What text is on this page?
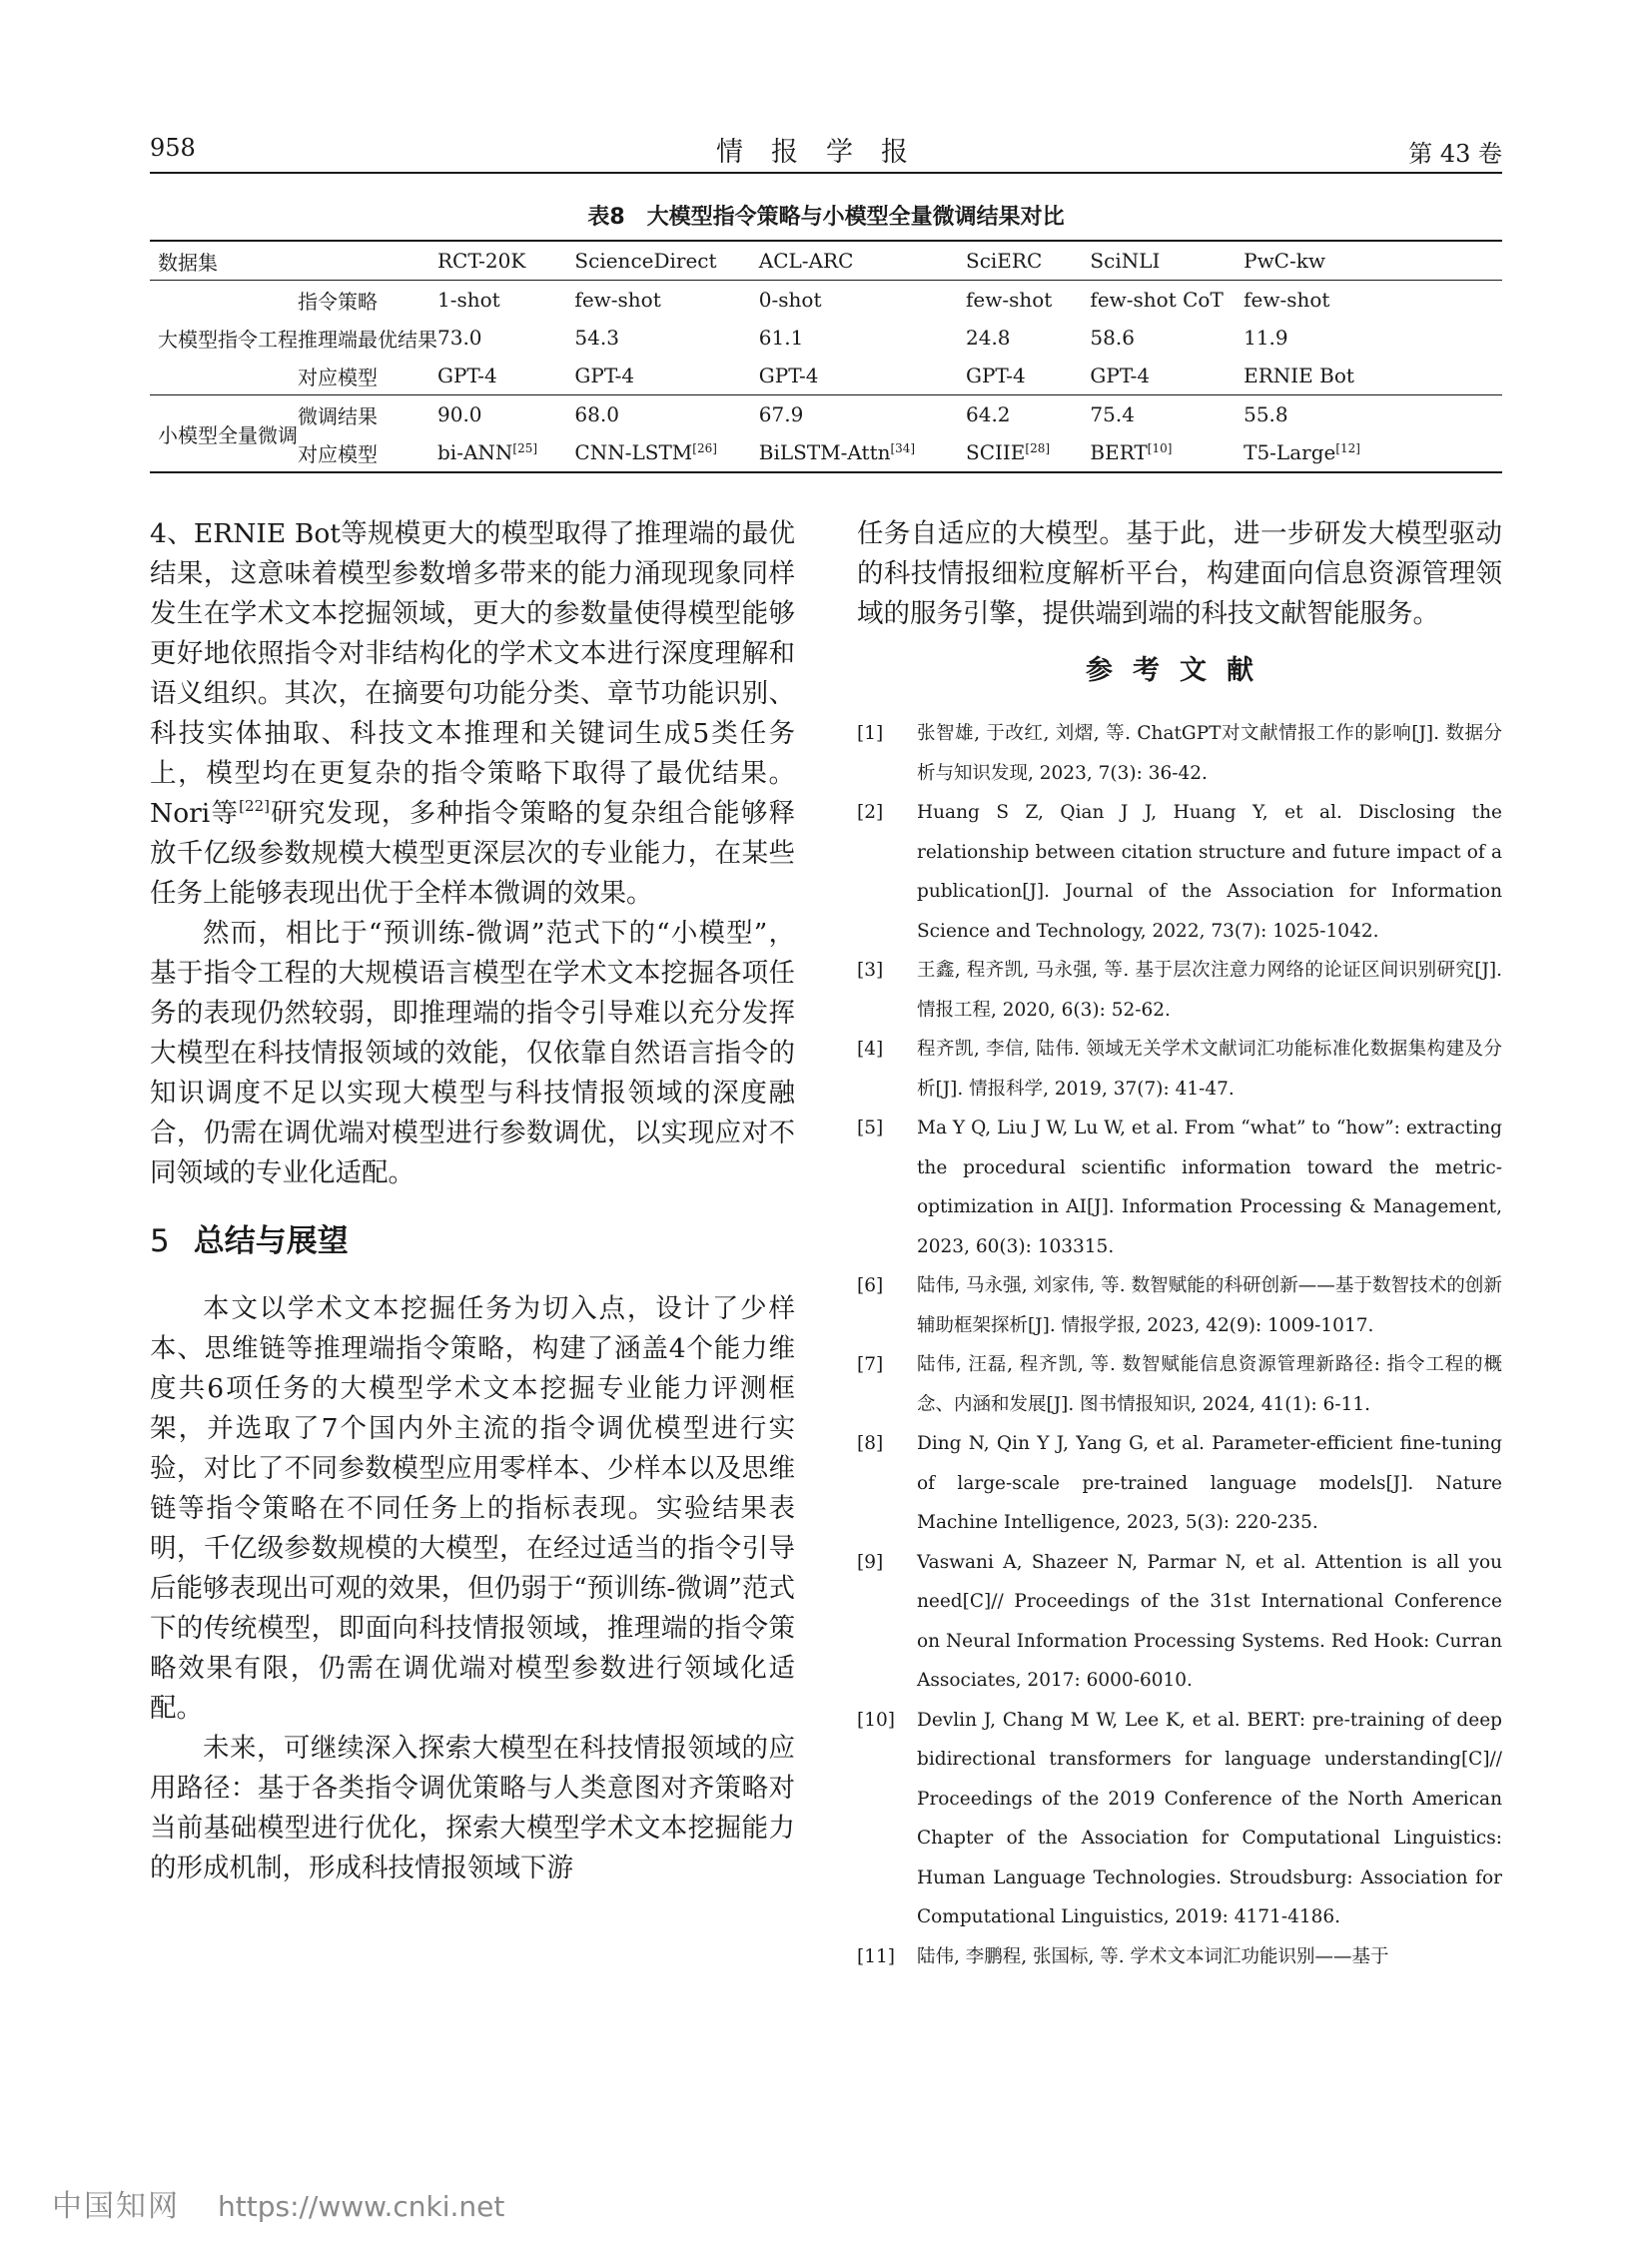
958	情报学报	第 43 卷
表8　大模型指令策略与小模型全量微调结果对比
数据集		RCT-20K	ScienceDirect	ACL-ARC	SciERC	SciNLI	PwC-kw
大模型指令工程	指令策略	1-shot	few-shot	0-shot	few-shot	few-shot CoT	few-shot
	推理端最优结果	73.0	54.3	61.1	24.8	58.6	11.9
	对应模型	GPT-4	GPT-4	GPT-4	GPT-4	GPT-4	ERNIE Bot
小模型全量微调	微调结果	90.0	68.0	67.9	64.2	75.4	55.8
	对应模型	bi-ANN[25]	CNN-LSTM[26]	BiLSTM-Attn[34]	SCIIE[28]	BERT[10]	T5-Large[12]

4、ERNIE Bot等规模更大的模型取得了推理端的最优结果，这意味着模型参数增多带来的能力涌现现象同样发生在学术文本挖掘领域，更大的参数量使得模型能够更好地依照指令对非结构化的学术文本进行深度理解和语义组织。其次，在摘要句功能分类、章节功能识别、科技实体抽取、科技文本推理和关键词生成5类任务上，模型均在更复杂的指令策略下取得了最优结果。Nori等[22]研究发现，多种指令策略的复杂组合能够释放千亿级参数规模大模型更深层次的专业能力，在某些任务上能够表现出优于全样本微调的效果。

然而，相比于“预训练-微调”范式下的“小模型”，基于指令工程的大规模语言模型在学术文本挖掘各项任务的表现仍然较弱，即推理端的指令引导难以充分发挥大模型在科技情报领域的效能，仅依靠自然语言指令的知识调度不足以实现大模型与科技情报领域的深度融合，仍需在调优端对模型进行参数调优，以实现应对不同领域的专业化适配。

5 总结与展望

本文以学术文本挖掘任务为切入点，设计了少样本、思维链等推理端指令策略，构建了涵盖4个能力维度共6项任务的大模型学术文本挖掘专业能力评测框架，并选取了7个国内外主流的指令调优模型进行实验，对比了不同参数模型应用零样本、少样本以及思维链等指令策略在不同任务上的指标表现。实验结果表明，千亿级参数规模的大模型，在经过适当的指令引导后能够表现出可观的效果，但仍弱于“预训练-微调”范式下的传统模型，即面向科技情报领域，推理端的指令策略效果有限，仍需在调优端对模型参数进行领域化适配。

未来，可继续深入探索大模型在科技情报领域的应用路径：基于各类指令调优策略与人类意图对齐策略对当前基础模型进行优化，探索大模型学术文本挖掘能力的形成机制，形成科技情报领域下游

任务自适应的大模型。基于此，进一步研发大模型驱动的科技情报细粒度解析平台，构建面向信息资源管理领域的服务引擎，提供端到端的科技文献智能服务。

参考文献
[1] 张智雄, 于改红, 刘熠, 等. ChatGPT对文献情报工作的影响[J]. 数据分析与知识发现, 2023, 7(3): 36-42.
[2] Huang S Z, Qian J J, Huang Y, et al. Disclosing the relationship between citation structure and future impact of a publication[J]. Journal of the Association for Information Science and Technology, 2022, 73(7): 1025-1042.
[3] 王鑫, 程齐凯, 马永强, 等. 基于层次注意力网络的论证区间识别研究[J]. 情报工程, 2020, 6(3): 52-62.
[4] 程齐凯, 李信, 陆伟. 领域无关学术文献词汇功能标准化数据集构建及分析[J]. 情报科学, 2019, 37(7): 41-47.
[5] Ma Y Q, Liu J W, Lu W, et al. From “what” to “how”: extracting the procedural scientific information toward the metric-optimization in AI[J]. Information Processing & Management, 2023, 60(3): 103315.
[6] 陆伟, 马永强, 刘家伟, 等. 数智赋能的科研创新——基于数智技术的创新辅助框架探析[J]. 情报学报, 2023, 42(9): 1009-1017.
[7] 陆伟, 汪磊, 程齐凯, 等. 数智赋能信息资源管理新路径: 指令工程的概念、内涵和发展[J]. 图书情报知识, 2024, 41(1): 6-11.
[8] Ding N, Qin Y J, Yang G, et al. Parameter-efficient fine-tuning of large-scale pre-trained language models[J]. Nature Machine Intelligence, 2023, 5(3): 220-235.
[9] Vaswani A, Shazeer N, Parmar N, et al. Attention is all you need[C]// Proceedings of the 31st International Conference on Neural Information Processing Systems. Red Hook: Curran Associates, 2017: 6000-6010.
[10] Devlin J, Chang M W, Lee K, et al. BERT: pre-training of deep bidirectional transformers for language understanding[C]// Proceedings of the 2019 Conference of the North American Chapter of the Association for Computational Linguistics: Human Language Technologies. Stroudsburg: Association for Computational Linguistics, 2019: 4171-4186.
[11] 陆伟, 李鹏程, 张国标, 等. 学术文本词汇功能识别——基于
中国知网 https://www.cnki.net
